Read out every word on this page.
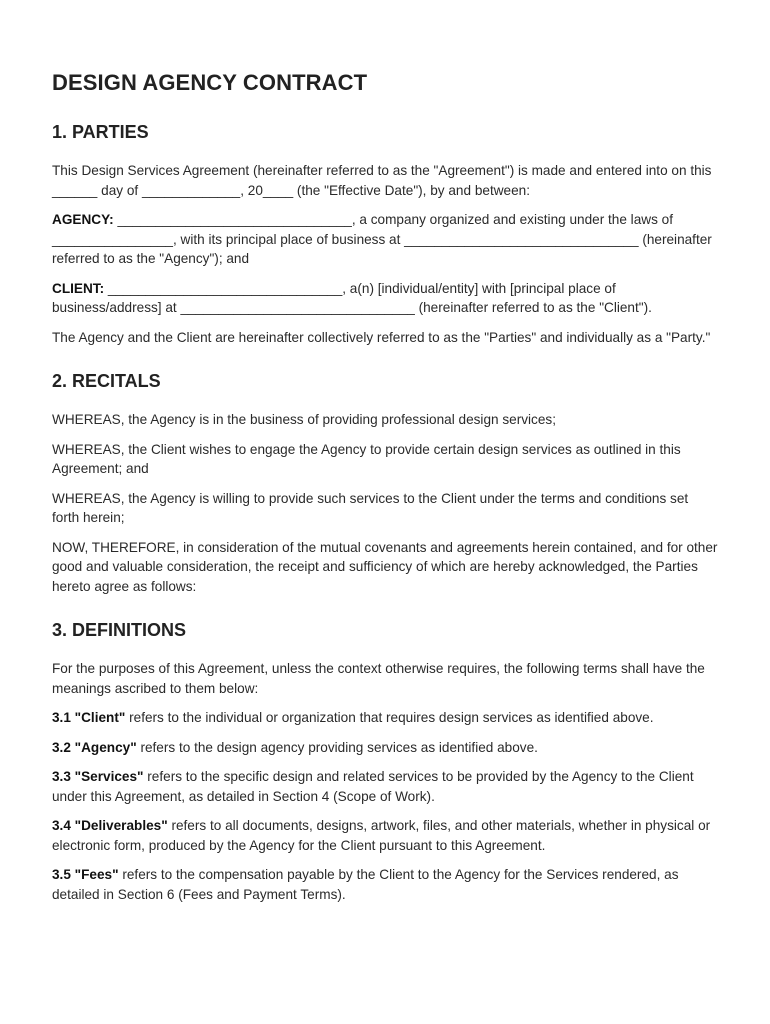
DESIGN AGENCY CONTRACT
1. PARTIES

This Design Services Agreement (hereinafter referred to as the "Agreement") is made and entered into on this ______ day of _____________, 20____ (the "Effective Date"), by and between:

AGENCY: _______________________________, a company organized and existing under the laws of ________________, with its principal place of business at _______________________________ (hereinafter referred to as the "Agency"); and

CLIENT: _______________________________, a(n) [individual/entity] with [principal place of business/address] at _______________________________ (hereinafter referred to as the "Client").

The Agency and the Client are hereinafter collectively referred to as the "Parties" and individually as a "Party."

2. RECITALS

WHEREAS, the Agency is in the business of providing professional design services;

WHEREAS, the Client wishes to engage the Agency to provide certain design services as outlined in this Agreement; and

WHEREAS, the Agency is willing to provide such services to the Client under the terms and conditions set forth herein;

NOW, THEREFORE, in consideration of the mutual covenants and agreements herein contained, and for other good and valuable consideration, the receipt and sufficiency of which are hereby acknowledged, the Parties hereto agree as follows:

3. DEFINITIONS

For the purposes of this Agreement, unless the context otherwise requires, the following terms shall have the meanings ascribed to them below:

3.1 "Client" refers to the individual or organization that requires design services as identified above.

3.2 "Agency" refers to the design agency providing services as identified above.

3.3 "Services" refers to the specific design and related services to be provided by the Agency to the Client under this Agreement, as detailed in Section 4 (Scope of Work).

3.4 "Deliverables" refers to all documents, designs, artwork, files, and other materials, whether in physical or electronic form, produced by the Agency for the Client pursuant to this Agreement.

3.5 "Fees" refers to the compensation payable by the Client to the Agency for the Services rendered, as detailed in Section 6 (Fees and Payment Terms).
